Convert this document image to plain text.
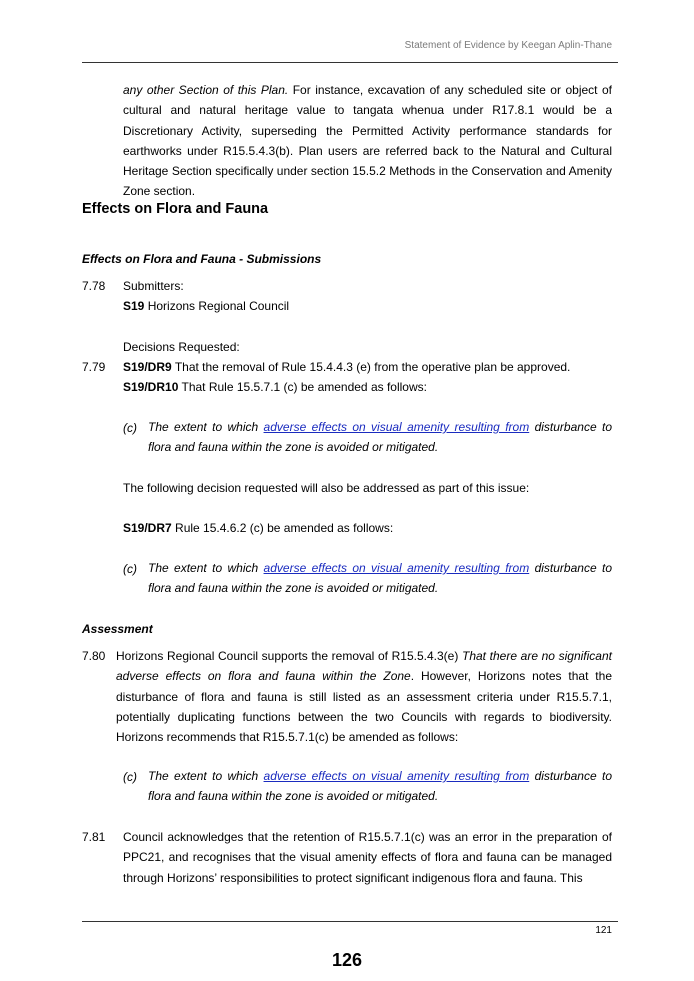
Statement of Evidence by Keegan Aplin-Thane
any other Section of this Plan. For instance, excavation of any scheduled site or object of cultural and natural heritage value to tangata whenua under R17.8.1 would be a Discretionary Activity, superseding the Permitted Activity performance standards for earthworks under R15.5.4.3(b). Plan users are referred back to the Natural and Cultural Heritage Section specifically under section 15.5.2 Methods in the Conservation and Amenity Zone section.
Effects on Flora and Fauna
Effects on Flora and Fauna - Submissions
7.78 Submitters:
S19 Horizons Regional Council
Decisions Requested:
7.79 S19/DR9 That the removal of Rule 15.4.4.3 (e) from the operative plan be approved.
S19/DR10 That Rule 15.5.7.1 (c) be amended as follows:
(c) The extent to which adverse effects on visual amenity resulting from disturbance to flora and fauna within the zone is avoided or mitigated.
The following decision requested will also be addressed as part of this issue:
S19/DR7 Rule 15.4.6.2 (c) be amended as follows:
(c) The extent to which adverse effects on visual amenity resulting from disturbance to flora and fauna within the zone is avoided or mitigated.
Assessment
7.80 Horizons Regional Council supports the removal of R15.5.4.3(e) That there are no significant adverse effects on flora and fauna within the Zone. However, Horizons notes that the disturbance of flora and fauna is still listed as an assessment criteria under R15.5.7.1, potentially duplicating functions between the two Councils with regards to biodiversity. Horizons recommends that R15.5.7.1(c) be amended as follows:
(c) The extent to which adverse effects on visual amenity resulting from disturbance to flora and fauna within the zone is avoided or mitigated.
7.81 Council acknowledges that the retention of R15.5.7.1(c) was an error in the preparation of PPC21, and recognises that the visual amenity effects of flora and fauna can be managed through Horizons’ responsibilities to protect significant indigenous flora and fauna. This
121
126
